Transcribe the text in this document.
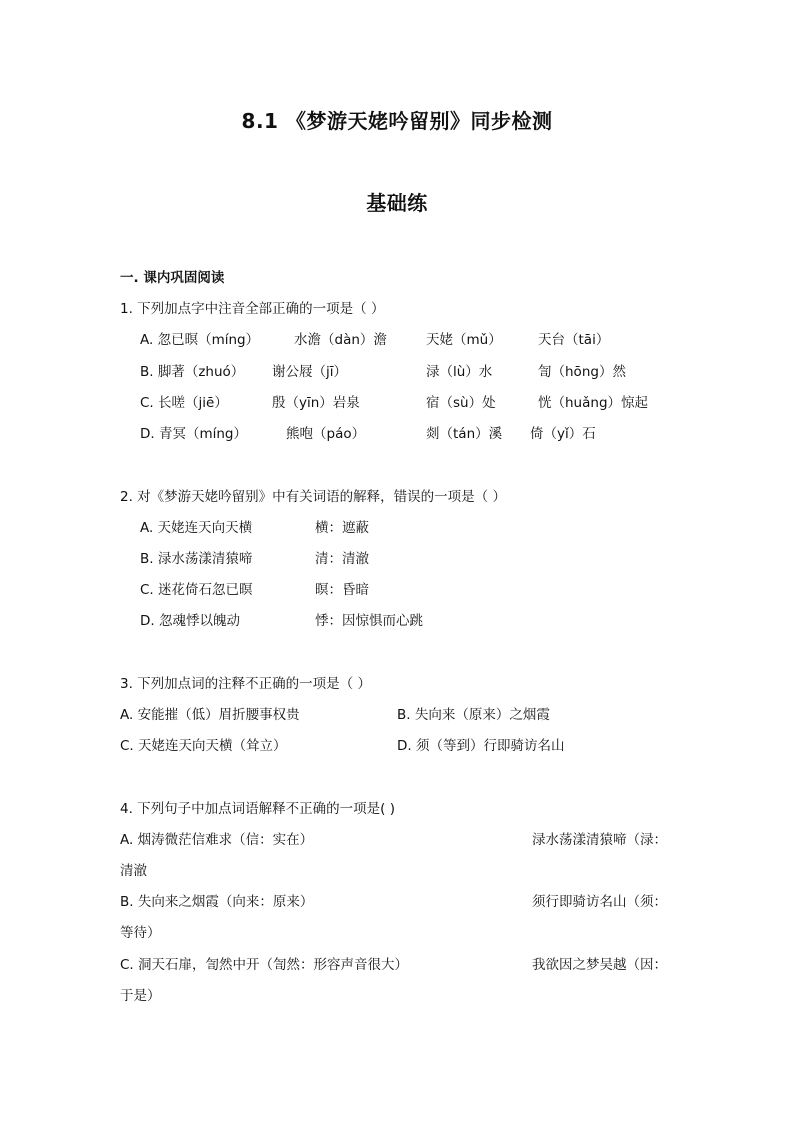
8.1 《梦游天姥吟留别》同步检测
基础练
一. 课内巩固阅读
1. 下列加点字中注音全部正确的一项是（ ）
A. 忽已暝（míng）	水澹（dàn）澹	天姥（mǔ）	天台（tāi）
B. 脚著（zhuó） 谢公屐（jī）	渌（lù）水	訇（hōng）然
C. 长嗟（jiē）	殷（yīn）岩泉	宿（sù）处	恍（huǎng）惊起
D. 青冥（míng）	熊咆（páo）	剡（tán）溪 倚（yǐ）石
2. 对《梦游天姥吟留别》中有关词语的解释，错误的一项是（ ）
A. 天姥连天向天横	横：遮蔽
B. 渌水荡漾清猿啼	清：清澈
C. 迷花倚石忽已暝	暝：昏暗
D. 忽魂悸以魄动	悸：因惊惧而心跳
3. 下列加点词的注释不正确的一项是（ ）
A. 安能摧（低）眉折腰事权贵	B. 失向来（原来）之烟霞
C. 天姥连天向天横（耸立）	D. 须（等到）行即骑访名山
4. 下列句子中加点词语解释不正确的一项是( )
A. 烟涛微茫信难求（信：实在）	渌水荡漾清猿啼（渌：
清澈
B. 失向来之烟霞（向来：原来）	须行即骑访名山（须：
等待）
C. 洞天石扉，訇然中开（訇然：形容声音很大）	我欲因之梦吴越（因：
于是）
